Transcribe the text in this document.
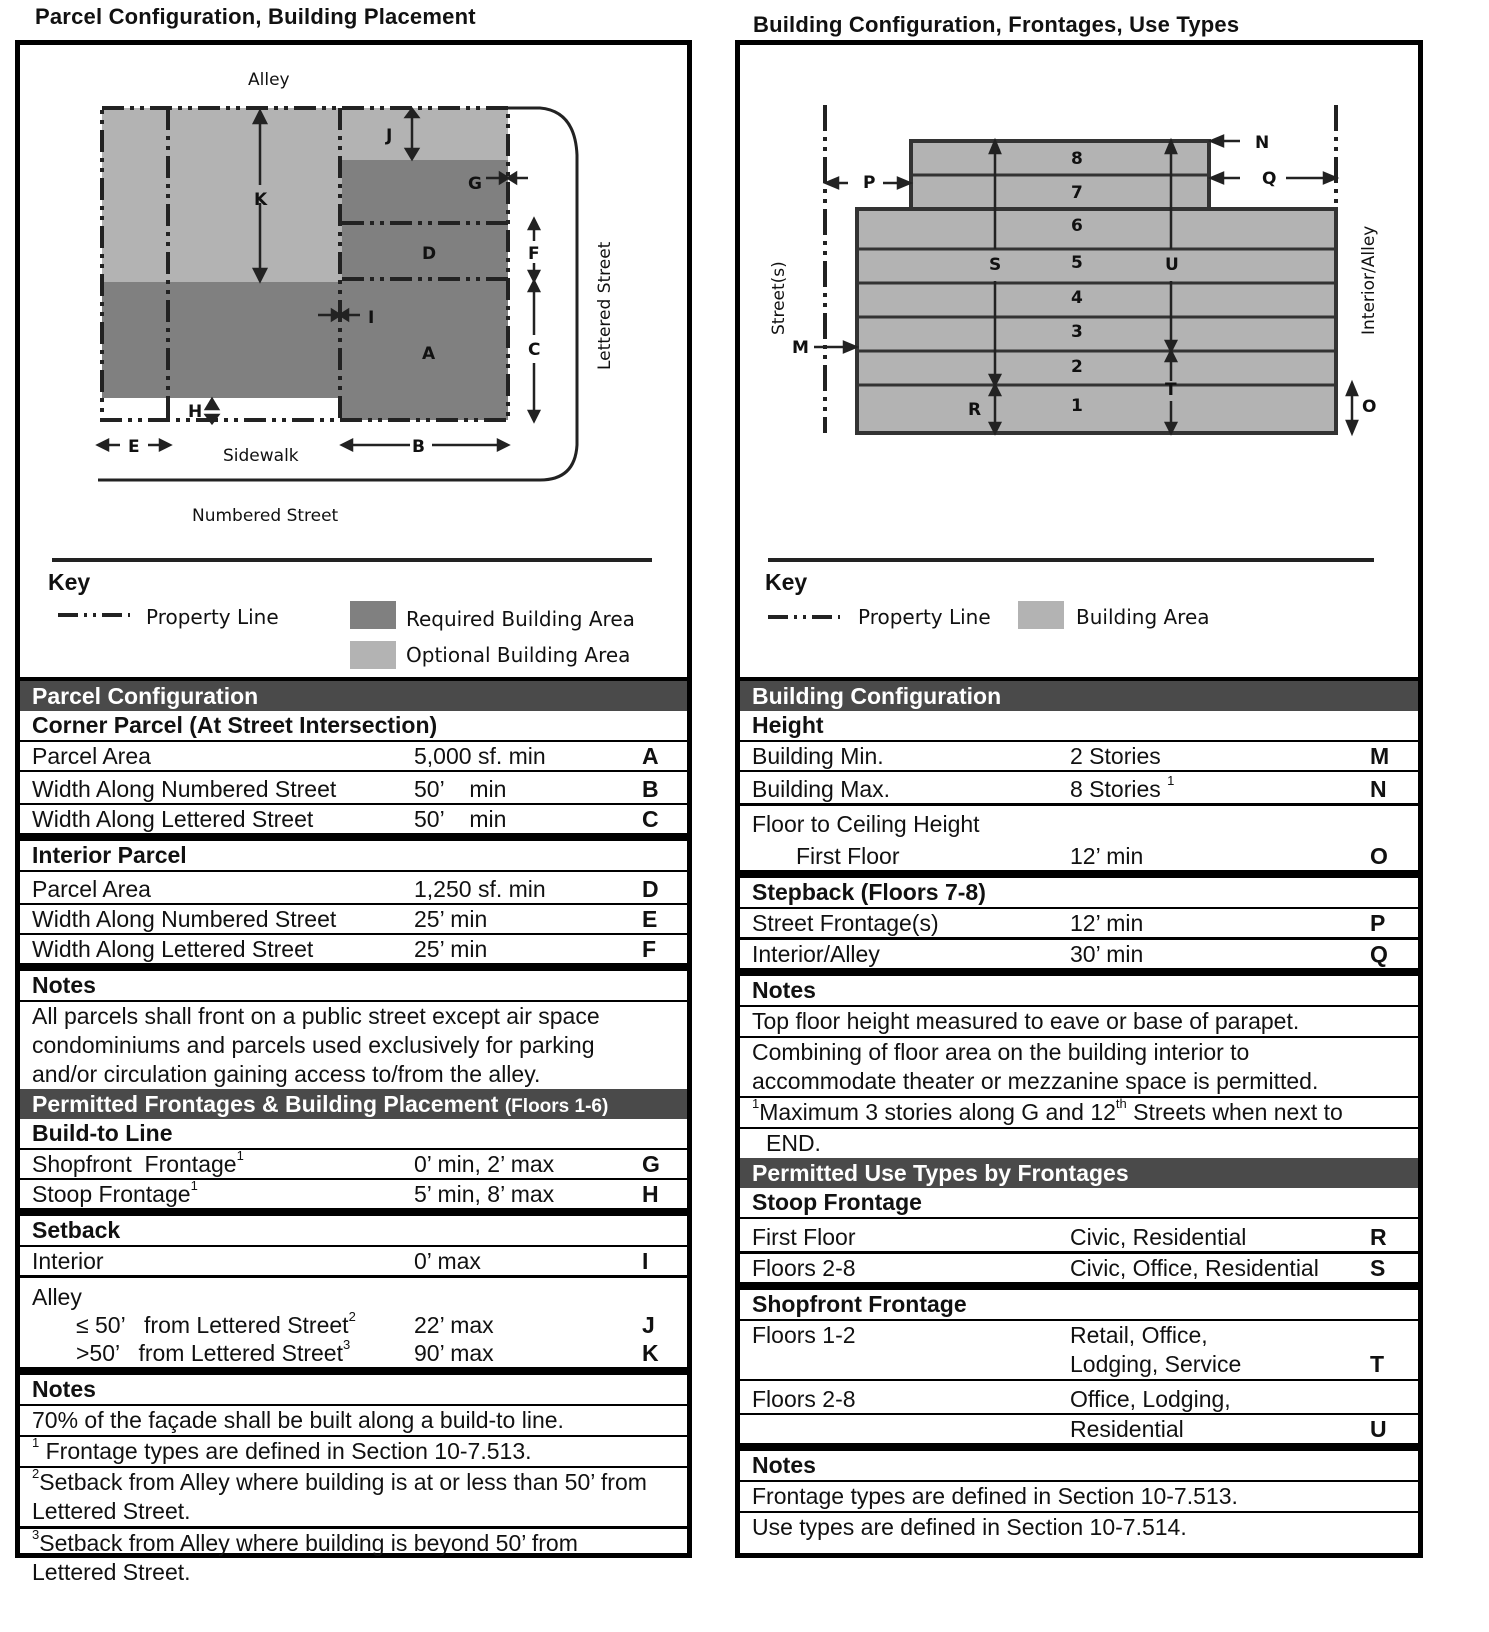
Parcel Configuration, Building Placement
Alley
K
J
G
D	F
A	C
I
H
E	B
Sidewalk
Numbered Street
Lettered Street
Key
Property Line	Required Building Area
Optional Building Area
Parcel Configuration
Corner Parcel (At Street Intersection)
Parcel Area	5,000 sf. min	A
Width Along Numbered Street	50’    min	B
Width Along Lettered Street	50’    min	C
Interior Parcel
Parcel Area	1,250 sf. min	D
Width Along Numbered Street	25’ min	E
Width Along Lettered Street	25’ min	F
Notes
All parcels shall front on a public street except air space condominiums and parcels used exclusively for parking and/or circulation gaining access to/from the alley.
Permitted Frontages & Building Placement (Floors 1-6)
Build-to Line
Shopfront  Frontage$^1$	0’ min, 2’ max	G
Stoop Frontage$^1$	5’ min, 8’ max	H
Setback
Interior	0’ max	I
Alley
≤ 50’   from Lettered Street$^2$	22’ max	J
>50’   from Lettered Street$^3$	90’ max	K
Notes
70% of the façade shall be built along a build-to line.
$^1$ Frontage types are defined in Section 10-7.513.
$^2$Setback from Alley where building is at or less than 50’ from Lettered Street.
$^3$Setback from Alley where building is beyond 50’ from Lettered Street.
Building Configuration, Frontages, Use Types
8
7
6
5
4
3
2
1
S	U
T
R	O
N
Q
P
M
Street(s)	Interior/Alley
Key
Property Line	Building Area
Building Configuration
Height
Building Min.	2 Stories	M
Building Max.	8 Stories $^1$	N
Floor to Ceiling Height
First Floor	12’ min	O
Stepback (Floors 7-8)
Street Frontage(s)	12’ min	P
Interior/Alley	30’ min	Q
Notes
Top floor height measured to eave or base of parapet.
Combining of floor area on the building interior to accommodate theater or mezzanine space is permitted.
$^1$Maximum 3 stories along G and 12th Streets when next to
END.
Permitted Use Types by Frontages
Stoop Frontage
First Floor	Civic, Residential	R
Floors 2-8	Civic, Office, Residential S
Shopfront Frontage
Floors 1-2	Retail, Office,
Lodging, Service	T
Floors 2-8	Office, Lodging,
Residential	U
Notes
Frontage types are defined in Section 10-7.513.
Use types are defined in Section 10-7.514.
